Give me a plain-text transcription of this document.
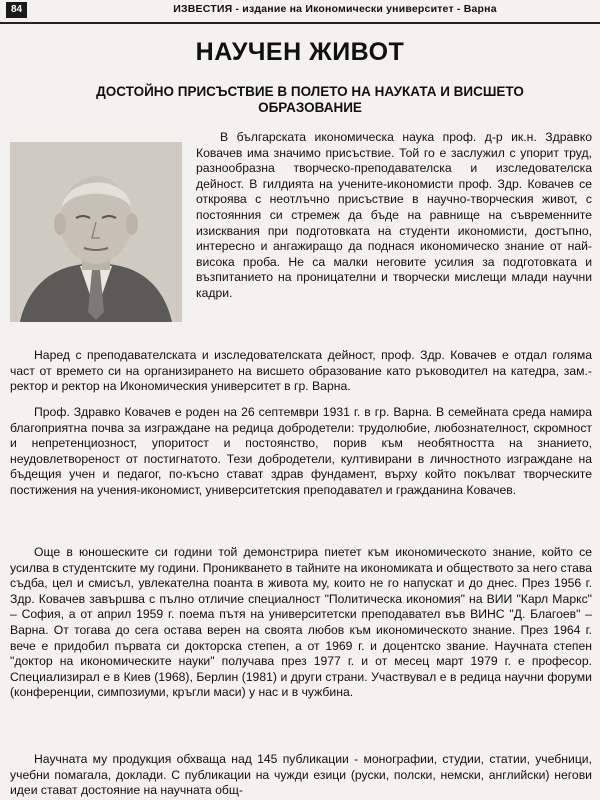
84	ИЗВЕСТИЯ - издание на Икономически университет - Варна
НАУЧЕН ЖИВОТ
ДОСТОЙНО ПРИСЪСТВИЕ В ПОЛЕТО НА НАУКАТА И ВИСШЕТО ОБРАЗОВАНИЕ

В българската икономическа наука проф. д-р ик.н. Здравко Ковачев има значимо присъствие. Той го е заслужил с упорит труд, разнообразна творческо-преподавателска и изследователска дейност. В гилдията на учените-икономисти проф. Здр. Ковачев се откроява с неотлъчно присъствие в научно-творческия живот, с постоянния си стремеж да бъде на равнище на съвременните изисквания при подготовката на студенти икономисти, достъпно, интересно и ангажиращо да поднася икономическо знание от най-висока проба. Не са малки неговите усилия за подготовката и възпитанието на проницателни и творчески мислещи млади научни кадри.

Наред с преподавателската и изследователската дейност, проф. Здр. Ковачев е отдал голяма част от времето си на организирането на висшето образование като ръководител на катедра, зам.- ректор и ректор на Икономическия университет в гр. Варна.

Проф. Здравко Ковачев е роден на 26 септември 1931 г. в гр. Варна. В семейната среда намира благоприятна почва за изграждане на редица добродетели: трудолюбие, любознателност, скромност и непретенциозност, упоритост и постоянство, порив към необятността на знанието, неудовлетвореност от постигнатото. Тези добродетели, култивирани в личностното изграждане на бъдещия учен и педагог, по-късно стават здрав фундамент, върху който покълват творческите постижения на учения-икономист, университетския преподавател и гражданина Ковачев.

Още в юношеските си години той демонстрира пиетет към икономическото знание, който се усилва в студентските му години. Проникването в тайните на икономиката и обществото за него става съдба, цел и смисъл, увлекателна поанта в живота му, които не го напускат и до днес. През 1956 г. Здр. Ковачев завършва с пълно отличие специалност "Политическа икономия" на ВИИ "Карл Маркс" – София, а от април 1959 г. поема пътя на университетски преподавател във ВИНС "Д. Благоев" – Варна. От тогава до сега остава верен на своята любов към икономическото знание. През 1964 г. вече е придобил първата си докторска степен, а от 1969 г. и доцентско звание. Научната степен "доктор на икономическите науки" получава през 1977 г. и от месец март 1979 г. е професор. Специализирал е в Киев (1968), Берлин (1981) и други страни. Участвувал е в редица научни форуми (конференции, симпозиуми, кръгли маси) у нас и в чужбина.

Научната му продукция обхваща над 145 публикации - монографии, студии, статии, учебници, учебни помагала, доклади. С публикации на чужди езици (руски, полски, немски, английски) негови идеи стават достояние на научната общ-
